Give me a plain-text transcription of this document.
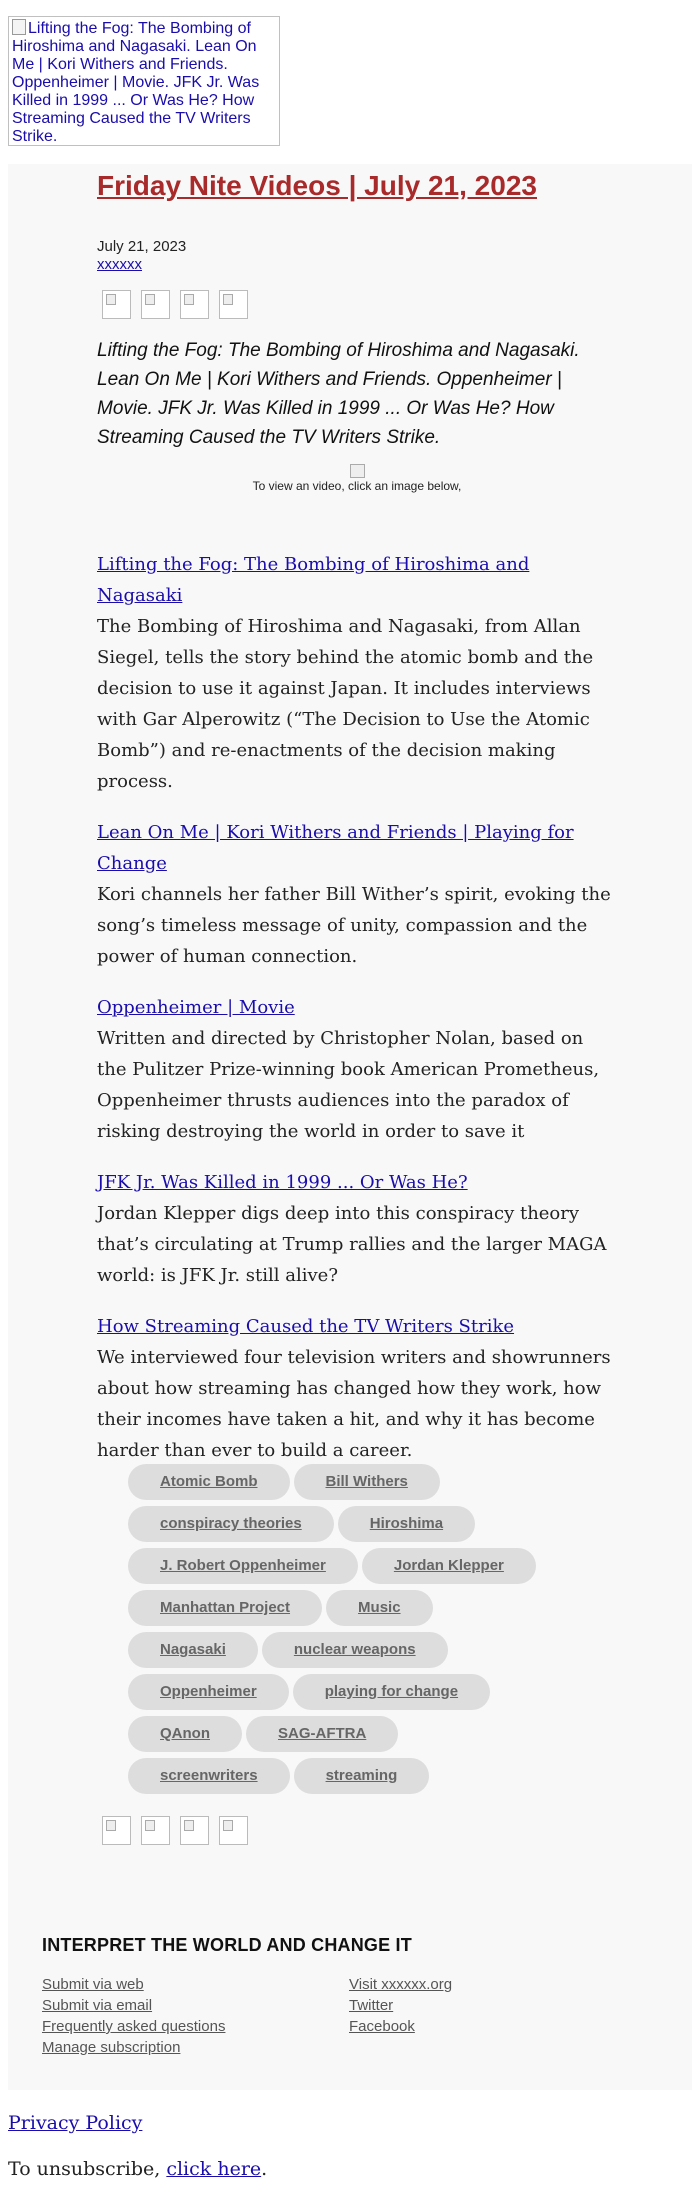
Lifting the Fog: The Bombing of Hiroshima and Nagasaki. Lean On Me | Kori Withers and Friends. Oppenheimer | Movie. JFK Jr. Was Killed in 1999 ... Or Was He? How Streaming Caused the TV Writers Strike.
Friday Nite Videos | July 21, 2023
July 21, 2023
xxxxxx

Lifting the Fog: The Bombing of Hiroshima and Nagasaki. Lean On Me | Kori Withers and Friends. Oppenheimer | Movie. JFK Jr. Was Killed in 1999 ... Or Was He? How Streaming Caused the TV Writers Strike.

To view an video, click an image below,
Lifting the Fog: The Bombing of Hiroshima and Nagasaki

The Bombing of Hiroshima and Nagasaki, from Allan Siegel, tells the story behind the atomic bomb and the decision to use it against Japan. It includes interviews with Gar Alperowitz (“The Decision to Use the Atomic Bomb”) and re-enactments of the decision making process.

Lean On Me | Kori Withers and Friends | Playing for Change

Kori channels her father Bill Wither’s spirit, evoking the song’s timeless message of unity, compassion and the power of human connection.

Oppenheimer | Movie

Written and directed by Christopher Nolan, based on the Pulitzer Prize-winning book American Prometheus, Oppenheimer thrusts audiences into the paradox of risking destroying the world in order to save it

JFK Jr. Was Killed in 1999 ... Or Was He?

Jordan Klepper digs deep into this conspiracy theory that’s circulating at Trump rallies and the larger MAGA world: is JFK Jr. still alive?

How Streaming Caused the TV Writers Strike

We interviewed four television writers and showrunners about how streaming has changed how they work, how their incomes have taken a hit, and why it has become harder than ever to build a career.

Atomic Bomb	Bill Withers
conspiracy theories	Hiroshima
J. Robert Oppenheimer	Jordan Klepper
Manhattan Project	Music
Nagasaki	nuclear weapons
Oppenheimer	playing for change
QAnon	SAG-AFTRA
screenwriters	streaming
INTERPRET THE WORLD AND CHANGE IT
Submit via web
Submit via email
Frequently asked questions
Manage subscription
Visit xxxxxx.org
Twitter
Facebook
Privacy Policy
To unsubscribe, click here.
